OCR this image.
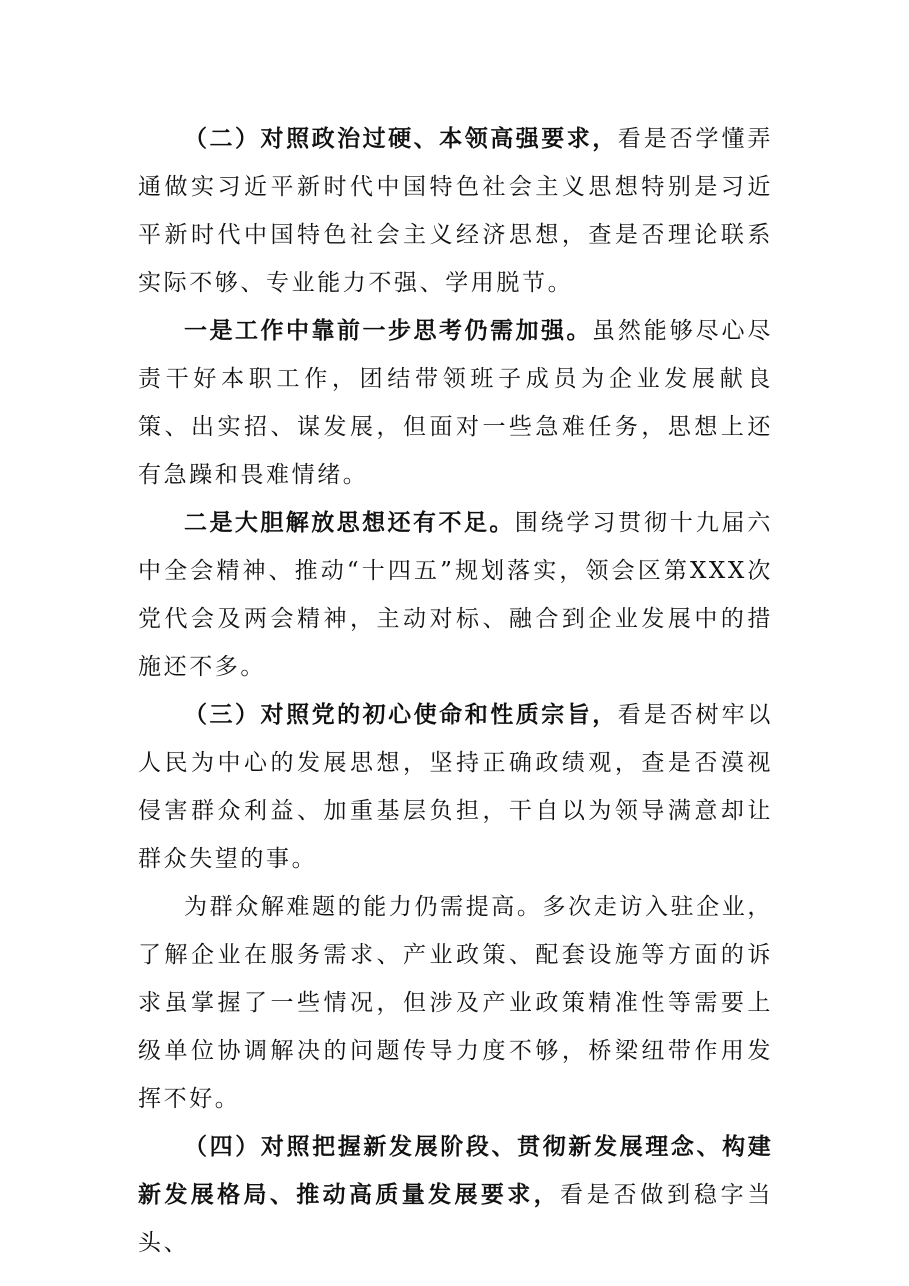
（二）对照政治过硬、本领高强要求，看是否学懂弄通做实习近平新时代中国特色社会主义思想特别是习近平新时代中国特色社会主义经济思想，查是否理论联系实际不够、专业能力不强、学用脱节。

一是工作中靠前一步思考仍需加强。虽然能够尽心尽责干好本职工作，团结带领班子成员为企业发展献良策、出实招、谋发展，但面对一些急难任务，思想上还有急躁和畏难情绪。

二是大胆解放思想还有不足。围绕学习贯彻十九届六中全会精神、推动“十四五”规划落实，领会区第XXX次党代会及两会精神，主动对标、融合到企业发展中的措施还不多。

（三）对照党的初心使命和性质宗旨，看是否树牢以人民为中心的发展思想，坚持正确政绩观，查是否漠视侵害群众利益、加重基层负担，干自以为领导满意却让群众失望的事。

为群众解难题的能力仍需提高。多次走访入驻企业，了解企业在服务需求、产业政策、配套设施等方面的诉求虽掌握了一些情况，但涉及产业政策精准性等需要上级单位协调解决的问题传导力度不够，桥梁纽带作用发挥不好。

（四）对照把握新发展阶段、贯彻新发展理念、构建新发展格局、推动高质量发展要求，看是否做到稳字当头、
